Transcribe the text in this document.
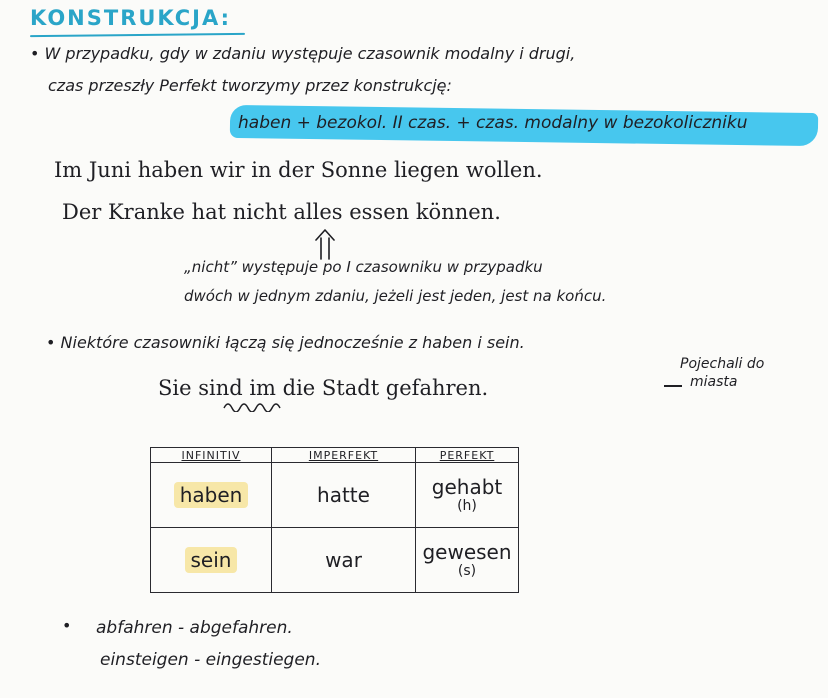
KONSTRUKCJA:
• W przypadku, gdy w zdaniu występuje czasownik modalny i drugi,
czas przeszły Perfekt tworzymy przez konstrukcję:
haben + bezokol. II czas. + czas. modalny w bezokoliczniku
Im Juni haben wir in der Sonne liegen wollen.
Der Kranke hat nicht alles essen können.
„nicht” występuje po I czasowniku w przypadku
dwóch w jednym zdaniu, jeżeli jest jeden, jest na końcu.
• Niektóre czasowniki łączą się jednocześnie z haben i sein.
Sie sind im die Stadt gefahren.
Pojechali do
miasta
INFINITIV	IMPERFEKT	PERFEKT
haben	hatte	gehabt
(h)

sein	war	gewesen
(s)
• abfahren - abgefahren.
einsteigen - eingestiegen.
